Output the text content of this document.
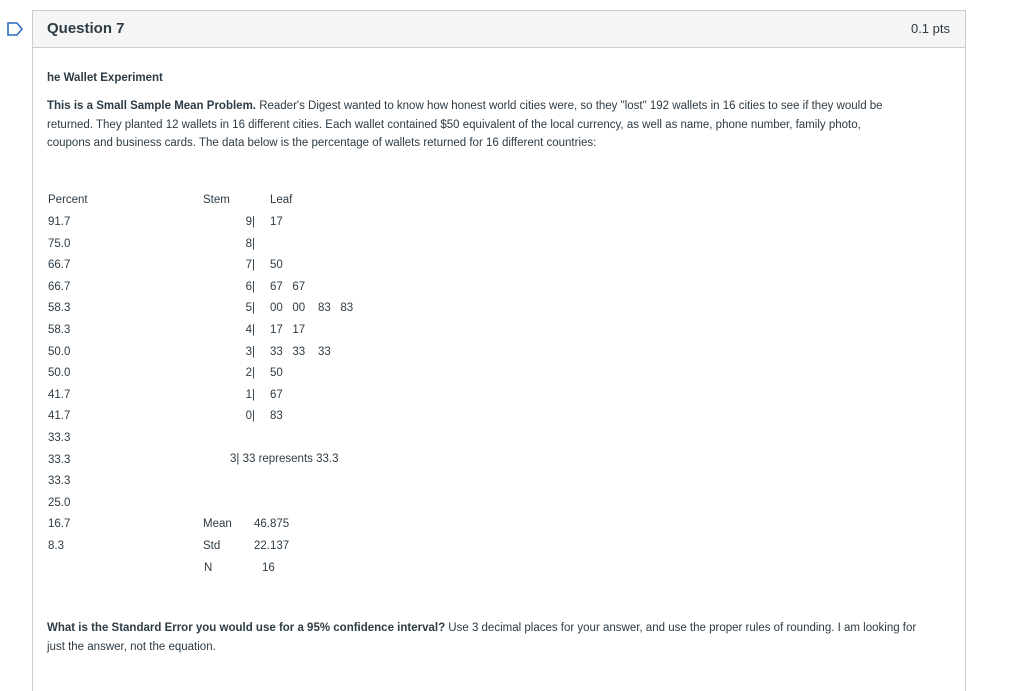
Question 7	0.1 pts
he Wallet Experiment
This is a Small Sample Mean Problem. Reader's Digest wanted to know how honest world cities were, so they "lost" 192 wallets in 16 cities to see if they would be
returned. They planted 12 wallets in 16 different cities. Each wallet contained $50 equivalent of the local currency, as well as name, phone number, family photo,
coupons and business cards. The data below is the percentage of wallets returned for 16 different countries:
Percent
91.7
75.0
66.7
66.7
58.3
58.3
50.0
50.0
41.7
41.7
33.3
33.3
33.3
25.0
16.7
8.3
Stem	Leaf
9| 17
8|
7| 50
6| 67   67
5| 00   00    83   83
4| 17   17
3| 33   33    33
2| 50
1| 67
0| 83
3| 33 represents 33.3
Mean 46.875
Std	22.137
N	16
What is the Standard Error you would use for a 95% confidence interval? Use 3 decimal places for your answer, and use the proper rules of rounding. I am looking for
just the answer, not the equation.
